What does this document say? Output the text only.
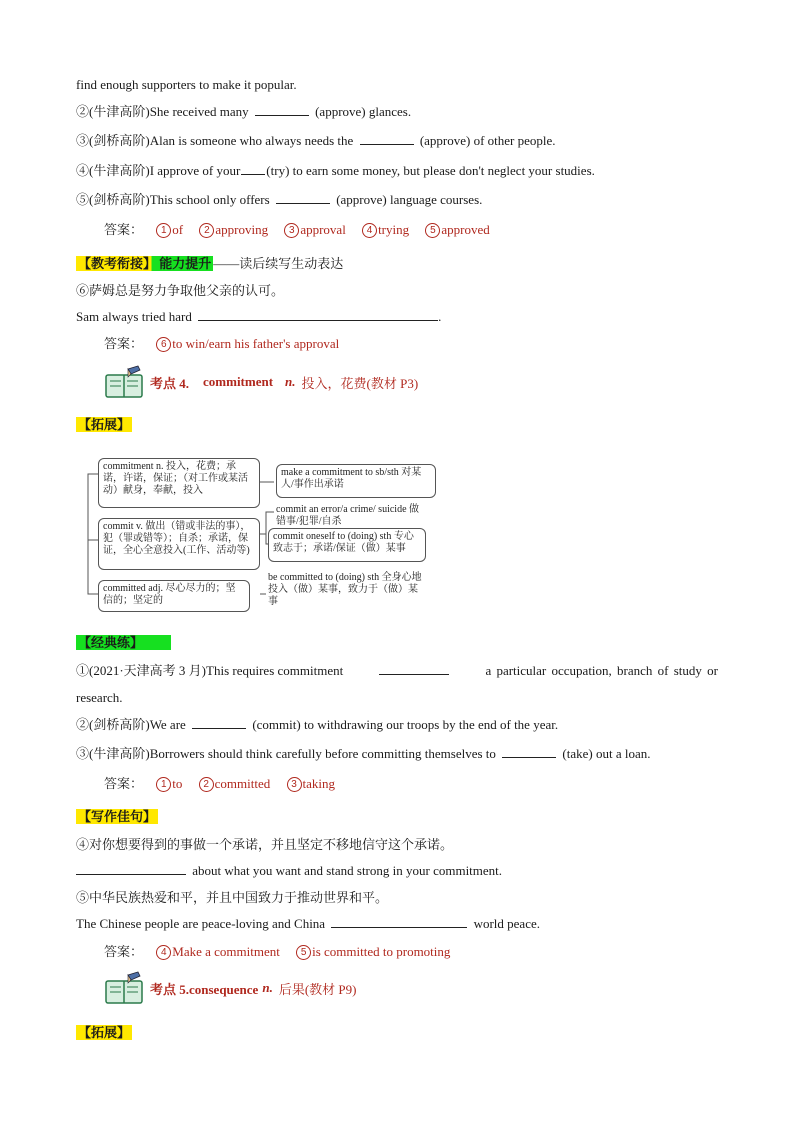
find enough supporters to make it popular.
②(牛津高阶)She received many	(approve) glances.
③(剑桥高阶)Alan is someone who always needs the	(approve) of other people.
④(牛津高阶)I approve of your (try) to earn some money, but please don't neglect your studies.
⑤(剑桥高阶)This school only offers	(approve) language courses.
答案： 1 of 2 approving 3 approval 4 trying 5 approved
【教考衔接】 能力提升 ——读后续写生动表达
⑥萨姆总是努力争取他父亲的认可。
Sam always tried hard	.
答案： 6 to win/earn his father's approval
考点 4. commitment n. 投入，花费(教材 P3)
【拓展】
commitment n. 投入，花费；承诺，许诺，保证；（对工作或某活动）献身，奉献，投入
make a commitment to sb/sth 对某人/事作出承诺
commit v. 做出（错或非法的事），犯（罪或错等）；自杀；承诺，保证，全心全意投入(工作、活动等)
commit an error/a crime/ suicide 做错事/犯罪/自杀
commit oneself to (doing) sth 专心致志于；承诺/保证（做）某事
committed adj. 尽心尽力的；坚信的；坚定的
be committed to (doing) sth 全身心地投入（做）某事，致力于（做）某事
【经典练】
①(2021·天津高考 3 月)This requires commitment	a particular occupation, branch of study or
research.
②(剑桥高阶)We are	(commit) to withdrawing our troops by the end of the year.
③(牛津高阶)Borrowers should think carefully before committing themselves to	(take) out a loan.
答案： 1 to 2 committed 3 taking
【写作佳句】
④对你想要得到的事做一个承诺，并且坚定不移地信守这个承诺。
about what you want and stand strong in your commitment.
⑤中华民族热爱和平，并且中国致力于推动世界和平。
The Chinese people are peace-loving and China	world peace.
答案： 4 Make a commitment 5 is committed to promoting
考点 5.consequence n. 后果(教材 P9)
【拓展】
